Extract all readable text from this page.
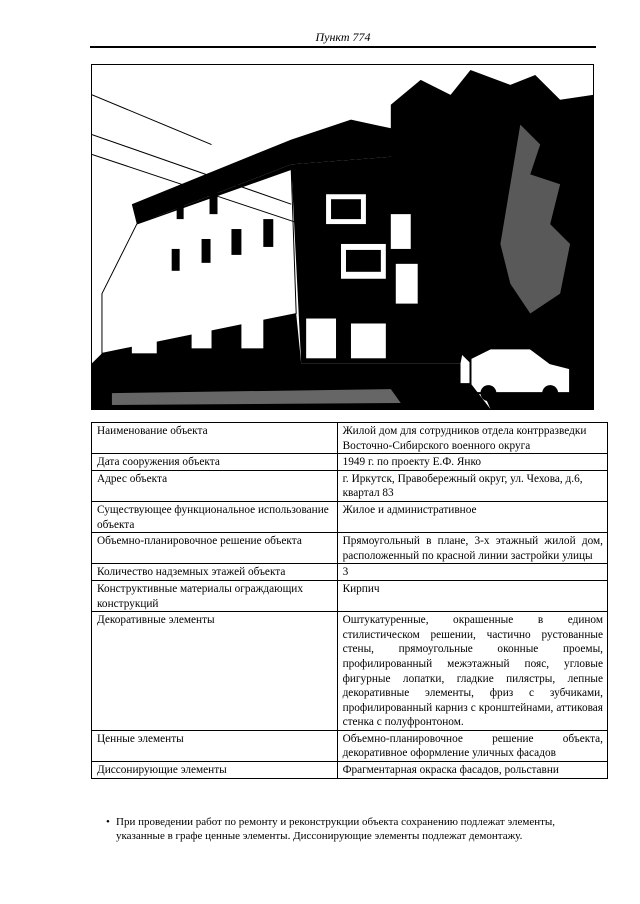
Пункт 774
Наименование объекта	Жилой дом для сотрудников отдела контрразведки Восточно-Сибирского военного округа
Дата сооружения объекта	1949 г. по проекту Е.Ф. Янко
Адрес объекта	г. Иркутск, Правобережный округ, ул. Чехова, д.6, квартал 83
Существующее функциональное использование объекта	Жилое и административное
Объемно-планировочное решение объекта	Прямоугольный в плане, 3-х этажный жилой дом, расположенный по красной линии застройки улицы
Количество надземных этажей объекта	3
Конструктивные материалы ограждающих конструкций	Кирпич
Декоративные элементы	Оштукатуренные, окрашенные в едином стилистическом решении, частично рустованные стены, прямоугольные оконные проемы, профилированный межэтажный пояс, угловые фигурные лопатки, гладкие пилястры, лепные декоративные элементы, фриз с зубчиками, профилированный карниз с кронштейнами, аттиковая стенка с полуфронтоном.
Ценные элементы	Объемно-планировочное решение объекта, декоративное оформление уличных фасадов
Диссонирующие элементы	Фрагментарная окраска фасадов, рольставни
• При проведении работ по ремонту и реконструкции объекта сохранению подлежат элементы, указанные в графе ценные элементы. Диссонирующие элементы подлежат демонтажу.
